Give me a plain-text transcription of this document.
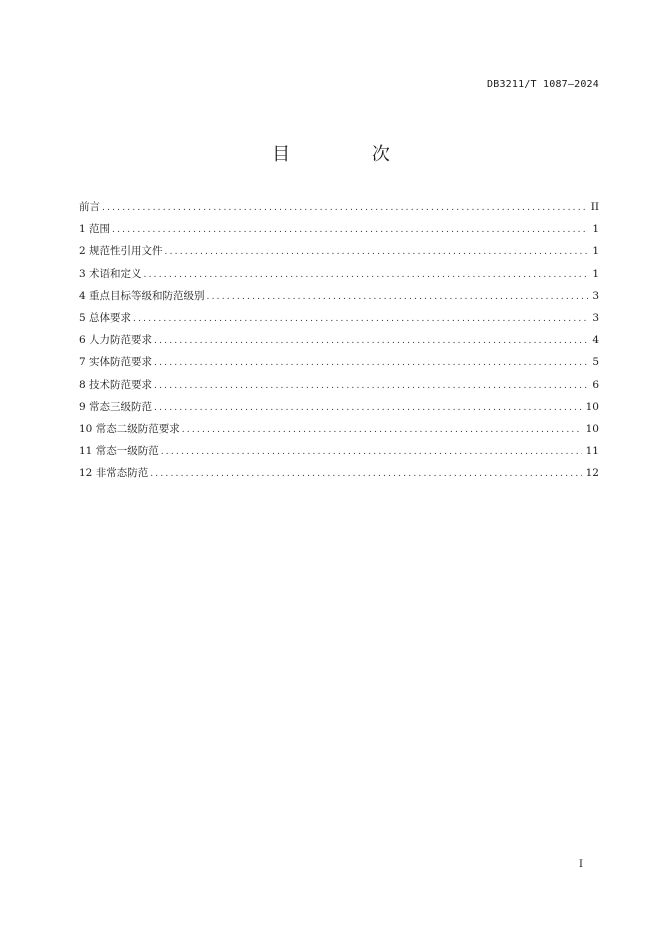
DB3211/T 1087—2024
目 次
前言 .....	II
1 范围 .....	1
2 规范性引用文件 .....	1
3 术语和定义 .....	1
4 重点目标等级和防范级别 .....	3
5 总体要求 .....	3
6 人力防范要求 .....	4
7 实体防范要求 .....	5
8 技术防范要求 .....	6
9 常态三级防范 .....	10
10 常态二级防范要求 .....	10
11 常态一级防范 .....	11
12 非常态防范 .....	12
I
